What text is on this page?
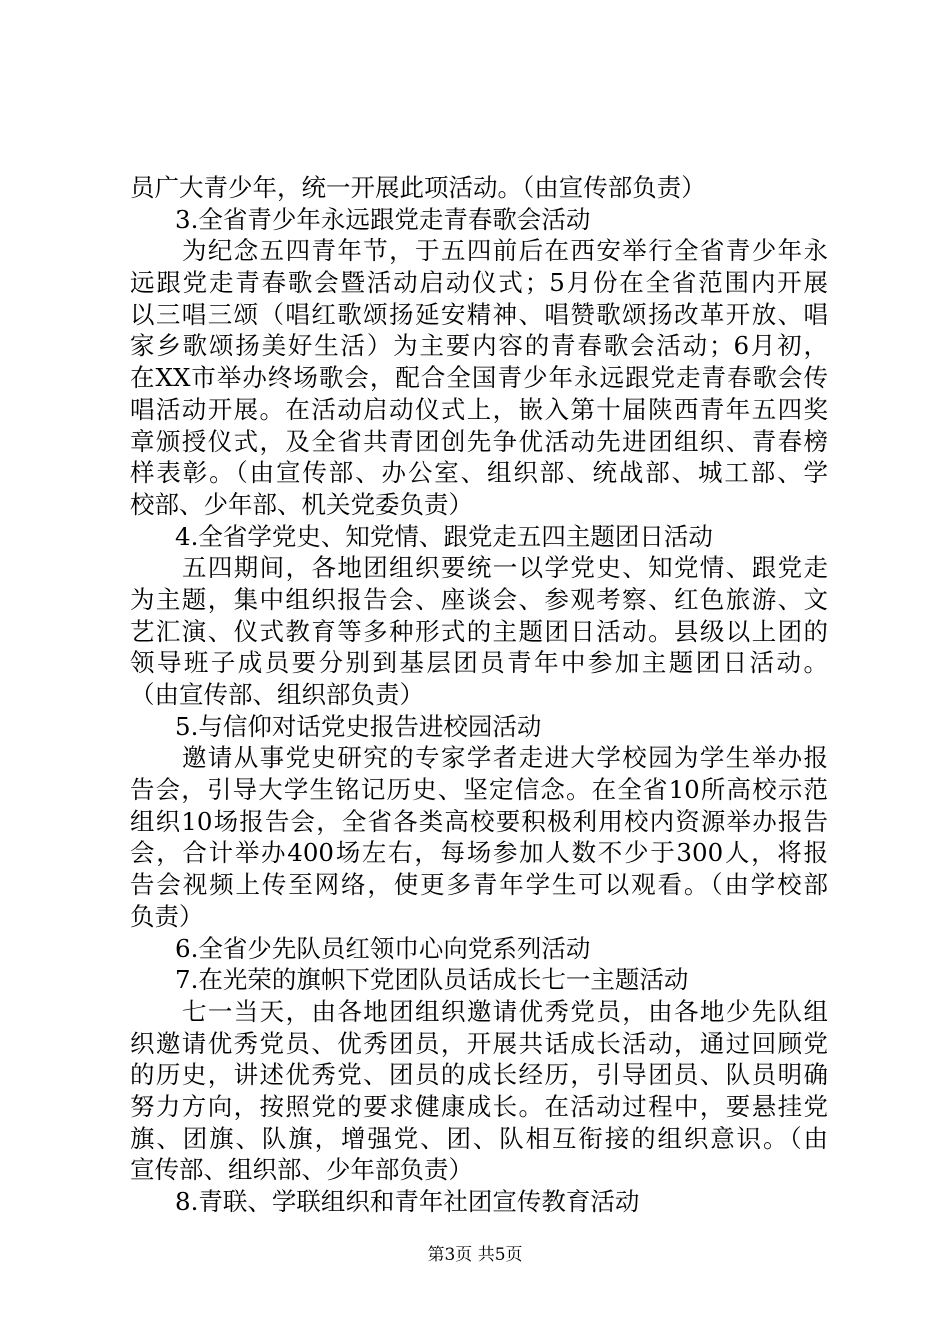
员广大青少年，统一开展此项活动。（由宣传部负责）
3.全省青少年永远跟党走青春歌会活动
为纪念五四青年节，于五四前后在西安举行全省青少年永
远跟党走青春歌会暨活动启动仪式；5月份在全省范围内开展
以三唱三颂（唱红歌颂扬延安精神、唱赞歌颂扬改革开放、唱
家乡歌颂扬美好生活）为主要内容的青春歌会活动；6月初，
在XX市举办终场歌会，配合全国青少年永远跟党走青春歌会传
唱活动开展。在活动启动仪式上，嵌入第十届陕西青年五四奖
章颁授仪式，及全省共青团创先争优活动先进团组织、青春榜
样表彰。（由宣传部、办公室、组织部、统战部、城工部、学
校部、少年部、机关党委负责）
4.全省学党史、知党情、跟党走五四主题团日活动
五四期间，各地团组织要统一以学党史、知党情、跟党走
为主题，集中组织报告会、座谈会、参观考察、红色旅游、文
艺汇演、仪式教育等多种形式的主题团日活动。县级以上团的
领导班子成员要分别到基层团员青年中参加主题团日活动。
（由宣传部、组织部负责）
5.与信仰对话党史报告进校园活动
邀请从事党史研究的专家学者走进大学校园为学生举办报
告会，引导大学生铭记历史、坚定信念。在全省10所高校示范
组织10场报告会，全省各类高校要积极利用校内资源举办报告
会，合计举办400场左右，每场参加人数不少于300人，将报
告会视频上传至网络，使更多青年学生可以观看。（由学校部
负责）
6.全省少先队员红领巾心向党系列活动
7.在光荣的旗帜下党团队员话成长七一主题活动
七一当天，由各地团组织邀请优秀党员，由各地少先队组
织邀请优秀党员、优秀团员，开展共话成长活动，通过回顾党
的历史，讲述优秀党、团员的成长经历，引导团员、队员明确
努力方向，按照党的要求健康成长。在活动过程中，要悬挂党
旗、团旗、队旗，增强党、团、队相互衔接的组织意识。（由
宣传部、组织部、少年部负责）
8.青联、学联组织和青年社团宣传教育活动
第3页 共5页
